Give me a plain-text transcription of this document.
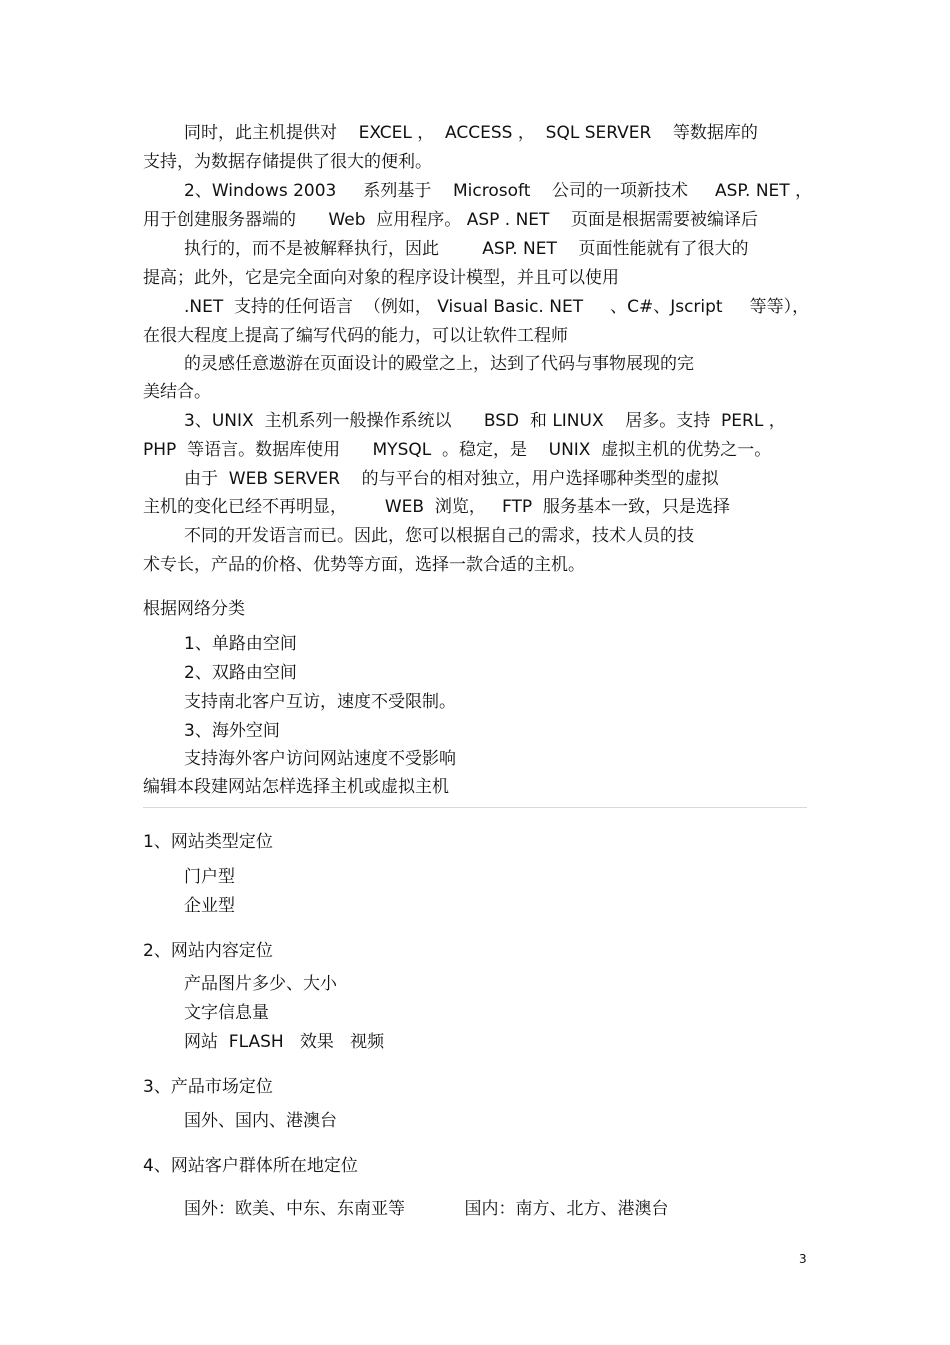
同时，此主机提供对    EXCEL ，  ACCESS ，  SQL SERVER    等数据库的
支持，为数据存储提供了很大的便利。
2、Windows 2003     系列基于    Microsoft    公司的一项新技术     ASP. NET ，
用于创建服务器端的      Web  应用程序。 ASP . NET    页面是根据需要被编译后
执行的，而不是被解释执行，因此        ASP. NET    页面性能就有了很大的
提高；此外，它是完全面向对象的程序设计模型，并且可以使用
.NET  支持的任何语言  （例如， Visual Basic. NET     、C#、Jscript     等等），
在很大程度上提高了编写代码的能力，可以让软件工程师
的灵感任意遨游在页面设计的殿堂之上，达到了代码与事物展现的完
美结合。
3、UNIX  主机系列一般操作系统以      BSD  和 LINUX    居多。支持  PERL ，
PHP  等语言。数据库使用      MYSQL  。稳定，是    UNIX  虚拟主机的优势之一。
由于  WEB SERVER    的与平台的相对独立，用户选择哪种类型的虚拟
主机的变化已经不再明显，       WEB  浏览，   FTP  服务基本一致，只是选择
不同的开发语言而已。因此，您可以根据自己的需求，技术人员的技
术专长，产品的价格、优势等方面，选择一款合适的主机。
根据网络分类
1、单路由空间
2、双路由空间
支持南北客户互访，速度不受限制。
3、海外空间
支持海外客户访问网站速度不受影响
编辑本段建网站怎样选择主机或虚拟主机
1、网站类型定位
门户型
企业型
2、网站内容定位
产品图片多少、大小
文字信息量
网站  FLASH   效果   视频
3、产品市场定位
国外、国内、港澳台
4、网站客户群体所在地定位
国外：欧美、中东、东南亚等           国内：南方、北方、港澳台
3
